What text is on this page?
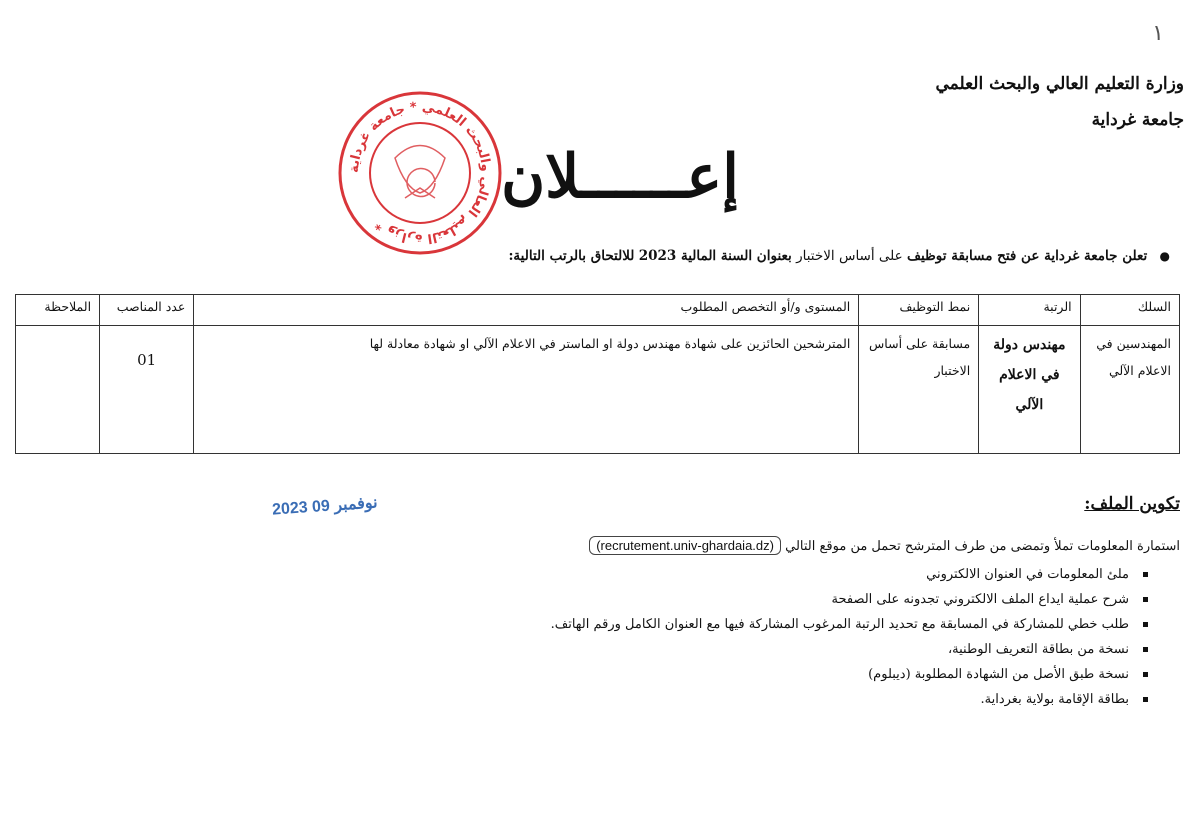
١
وزارة التعليم العالي والبحث العلمي
جامعة غرداية
وزارة التعليم العالي والبحث العلمي * جامعة غرداية *
إعــــــلان
● تعلن جامعة غرداية عن فتح مسابقة توظيف على أساس الاختبار بعنوان السنة المالية 2023 للالتحاق بالرتب التالية:
السلك	الرتبة	نمط التوظيف	المستوى و/أو التخصص المطلوب	عدد المناصب	الملاحظة
المهندسين في الاعلام الآلي	مهندس دولة في الاعلام الآلي	مسابقة على أساس الاختبار	المترشحين الحائزين على شهادة مهندس دولة او الماستر في الاعلام الآلي او شهادة معادلة لها	01	
2023 نوفمبر 09	تكوين الملف:
استمارة المعلومات تملأ وتمضى من طرف المترشح تحمل من موقع التالي (recrutement.univ-ghardaia.dz)
ملئ المعلومات في العنوان الالكتروني
شرح عملية ايداع الملف الالكتروني تجدونه على الصفحة
طلب خطي للمشاركة في المسابقة مع تحديد الرتبة المرغوب المشاركة فيها مع العنوان الكامل ورقم الهاتف.
نسخة من بطاقة التعريف الوطنية،
نسخة طبق الأصل من الشهادة المطلوبة (ديبلوم)
بطاقة الإقامة بولاية بغرداية.
